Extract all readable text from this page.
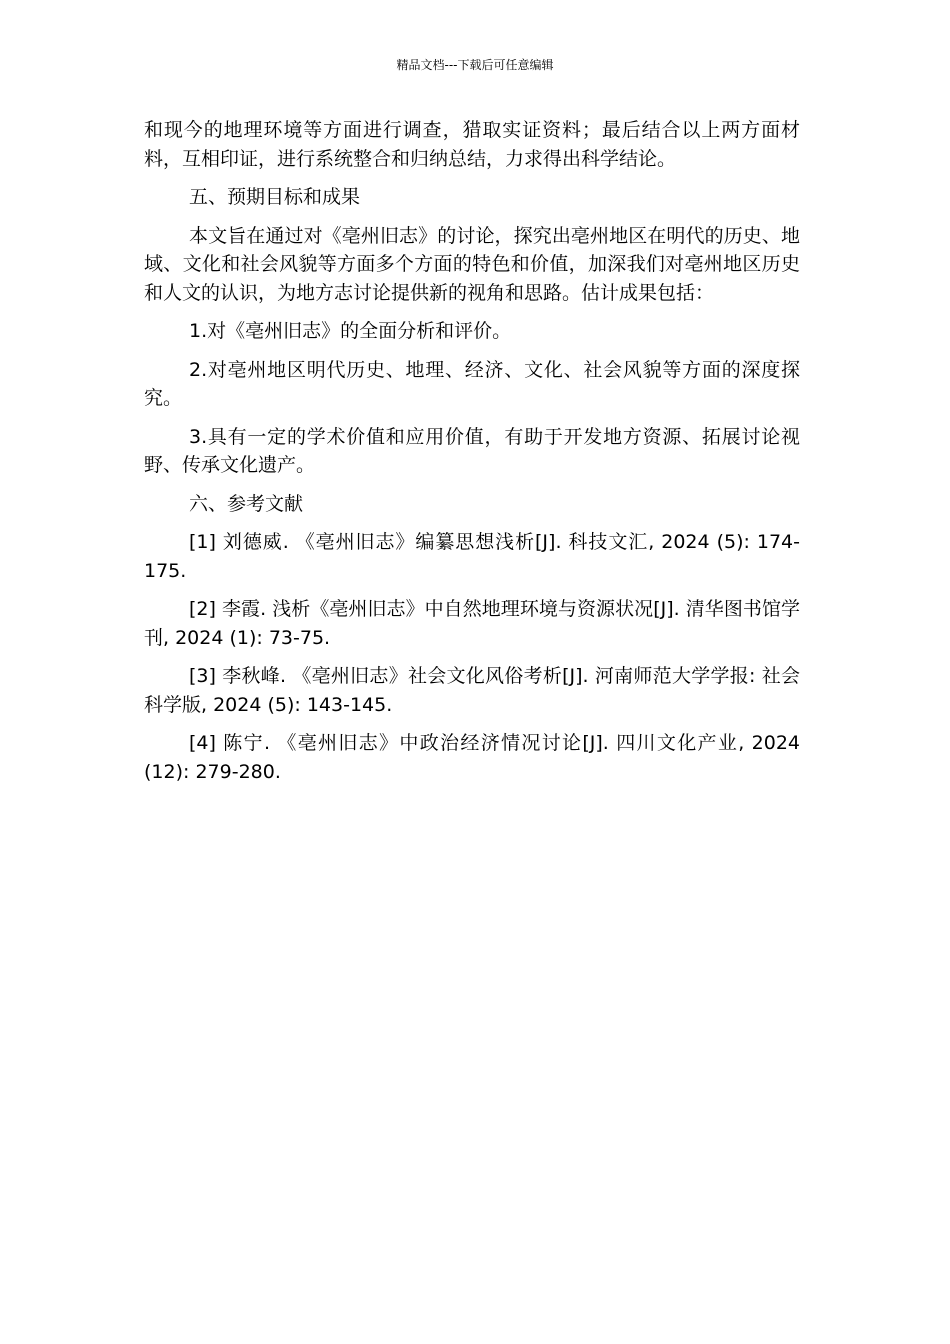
精品文档---下载后可任意编辑

和现今的地理环境等方面进行调查，猎取实证资料；最后结合以上两方面材料，互相印证，进行系统整合和归纳总结，力求得出科学结论。

五、预期目标和成果

本文旨在通过对《亳州旧志》的讨论，探究出亳州地区在明代的历史、地域、文化和社会风貌等方面多个方面的特色和价值，加深我们对亳州地区历史和人文的认识，为地方志讨论提供新的视角和思路。估计成果包括：

1.对《亳州旧志》的全面分析和评价。

2.对亳州地区明代历史、地理、经济、文化、社会风貌等方面的深度探究。

3.具有一定的学术价值和应用价值，有助于开发地方资源、拓展讨论视野、传承文化遗产。

六、参考文献

[1] 刘德威. 《亳州旧志》编纂思想浅析[J]. 科技文汇, 2024 (5): 174-175.

[2] 李霞. 浅析《亳州旧志》中自然地理环境与资源状况[J]. 清华图书馆学刊, 2024 (1): 73-75.

[3] 李秋峰. 《亳州旧志》社会文化风俗考析[J]. 河南师范大学学报: 社会科学版, 2024 (5): 143-145.

[4] 陈宁. 《亳州旧志》中政治经济情况讨论[J]. 四川文化产业, 2024 (12): 279-280.
